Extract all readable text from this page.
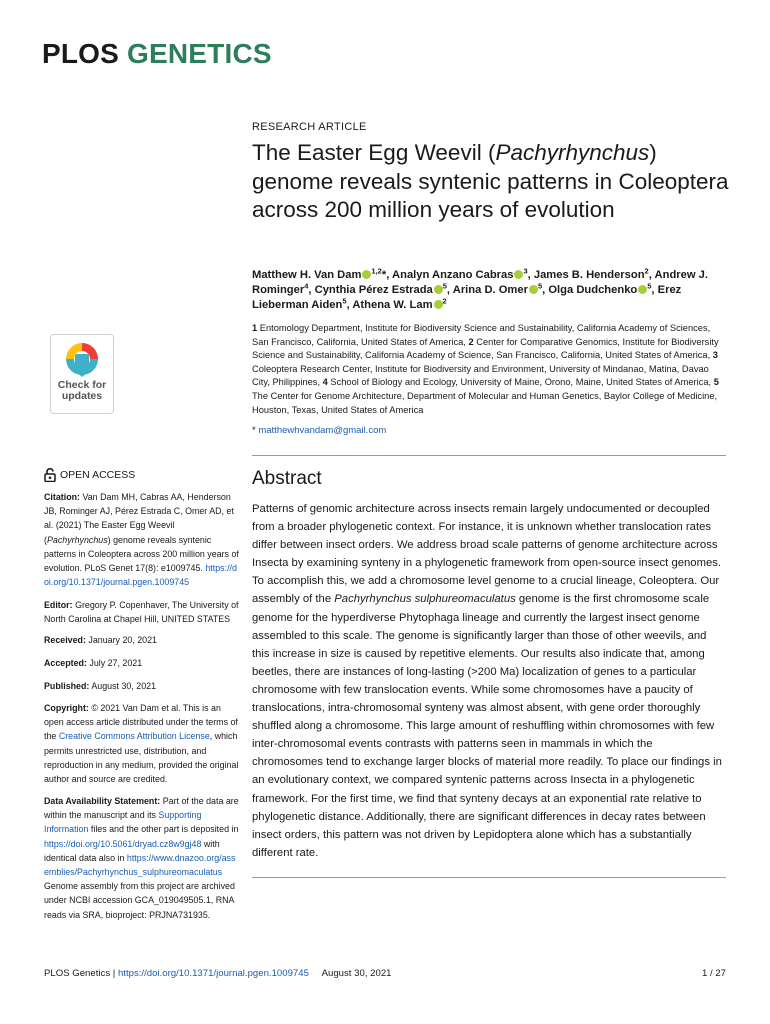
PLOS GENETICS
RESEARCH ARTICLE
The Easter Egg Weevil (Pachyrhynchus) genome reveals syntenic patterns in Coleoptera across 200 million years of evolution
Matthew H. Van Dam $^{1,2}$*, Analyn Anzano Cabras $^3$, James B. Henderson$^2$, Andrew J. Rominger$^4$, Cynthia Pérez Estrada $^5$, Arina D. Omer $^5$, Olga Dudchenko $^5$, Erez Lieberman Aiden$^5$, Athena W. Lam $^2$
1 Entomology Department, Institute for Biodiversity Science and Sustainability, California Academy of Sciences, San Francisco, California, United States of America, 2 Center for Comparative Genomics, Institute for Biodiversity Science and Sustainability, California Academy of Science, San Francisco, California, United States of America, 3 Coleoptera Research Center, Institute for Biodiversity and Environment, University of Mindanao, Matina, Davao City, Philippines, 4 School of Biology and Ecology, University of Maine, Orono, Maine, United States of America, 5 The Center for Genome Architecture, Department of Molecular and Human Genetics, Baylor College of Medicine, Houston, Texas, United States of America
* matthewhvandam@gmail.com
Check for
updates
OPEN ACCESS
Citation: Van Dam MH, Cabras AA, Henderson JB, Rominger AJ, Pérez Estrada C, Omer AD, et al. (2021) The Easter Egg Weevil (Pachyrhynchus) genome reveals syntenic patterns in Coleoptera across 200 million years of evolution. PLoS Genet 17(8): e1009745. https://doi.org/10.1371/journal.pgen.1009745
Editor: Gregory P. Copenhaver, The University of North Carolina at Chapel Hill, UNITED STATES
Received: January 20, 2021
Accepted: July 27, 2021
Published: August 30, 2021
Copyright: © 2021 Van Dam et al. This is an open access article distributed under the terms of the Creative Commons Attribution License, which permits unrestricted use, distribution, and reproduction in any medium, provided the original author and source are credited.
Data Availability Statement: Part of the data are within the manuscript and its Supporting Information files and the other part is deposited in https://doi.org/10.5061/dryad.cz8w9gj48 with identical data also in https://www.dnazoo.org/assemblies/Pachyrhynchus_sulphureomaculatus Genome assembly from this project are archived under NCBI accession GCA_019049505.1, RNA reads via SRA, bioproject: PRJNA731935.
Abstract
Patterns of genomic architecture across insects remain largely undocumented or decoupled from a broader phylogenetic context. For instance, it is unknown whether translocation rates differ between insect orders. We address broad scale patterns of genome architecture across Insecta by examining synteny in a phylogenetic framework from open-source insect genomes. To accomplish this, we add a chromosome level genome to a crucial lineage, Coleoptera. Our assembly of the Pachyrhynchus sulphureomaculatus genome is the first chromosome scale genome for the hyperdiverse Phytophaga lineage and currently the largest insect genome assembled to this scale. The genome is significantly larger than those of other weevils, and this increase in size is caused by repetitive elements. Our results also indicate that, among beetles, there are instances of long-lasting (>200 Ma) localization of genes to a particular chromosome with few translocation events. While some chromosomes have a paucity of translocations, intra-chromosomal synteny was almost absent, with gene order thoroughly shuffled along a chromosome. This large amount of reshuffling within chromosomes with few inter-chromosomal events contrasts with patterns seen in mammals in which the chromosomes tend to exchange larger blocks of material more readily. To place our findings in an evolutionary context, we compared syntenic patterns across Insecta in a phylogenetic framework. For the first time, we find that synteny decays at an exponential rate relative to phylogenetic distance. Additionally, there are significant differences in decay rates between insect orders, this pattern was not driven by Lepidoptera alone which has a substantially different rate.
PLOS Genetics | https://doi.org/10.1371/journal.pgen.1009745 August 30, 2021	1 / 27
